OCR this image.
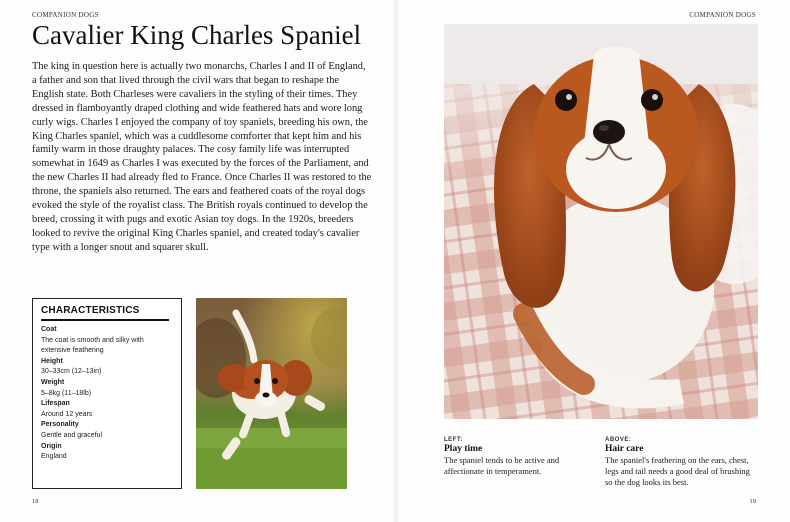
COMPANION DOGS
Cavalier King Charles Spaniel

The king in question here is actually two monarchs, Charles I and II of England, a father and son that lived through the civil wars that began to reshape the English state. Both Charleses were cavaliers in the styling of their times. They dressed in flamboyantly draped clothing and wide feathered hats and wore long curly wigs. Charles I enjoyed the company of toy spaniels, breeding his own, the King Charles spaniel, which was a cuddlesome comforter that kept him and his family warm in those draughty palaces. The cosy family life was interrupted somewhat in 1649 as Charles I was executed by the forces of the Parliament, and the new Charles II had already fled to France. Once Charles II was restored to the throne, the spaniels also returned. The ears and feathered coats of the royal dogs evoked the style of the royalist class. The British royals continued to develop the breed, crossing it with pugs and exotic Asian toy dogs. In the 1920s, breeders looked to revive the original King Charles spaniel, and created today's cavalier type with a longer snout and squarer skull.

CHARACTERISTICS
Coat
The coat is smooth and silky with extensive feathering
Height
30–33cm (12–13in)
Weight
5–8kg (11–18lb)
Lifespan
Around 12 years
Personality
Gentle and graceful
Origin
England
18
COMPANION DOGS
LEFT:
Play time
The spaniel tends to be active and affectionate in temperament.
ABOVE:
Hair care
The spaniel's feathering on the ears, chest, legs and tail needs a good deal of brushing so the dog looks its best.
19
